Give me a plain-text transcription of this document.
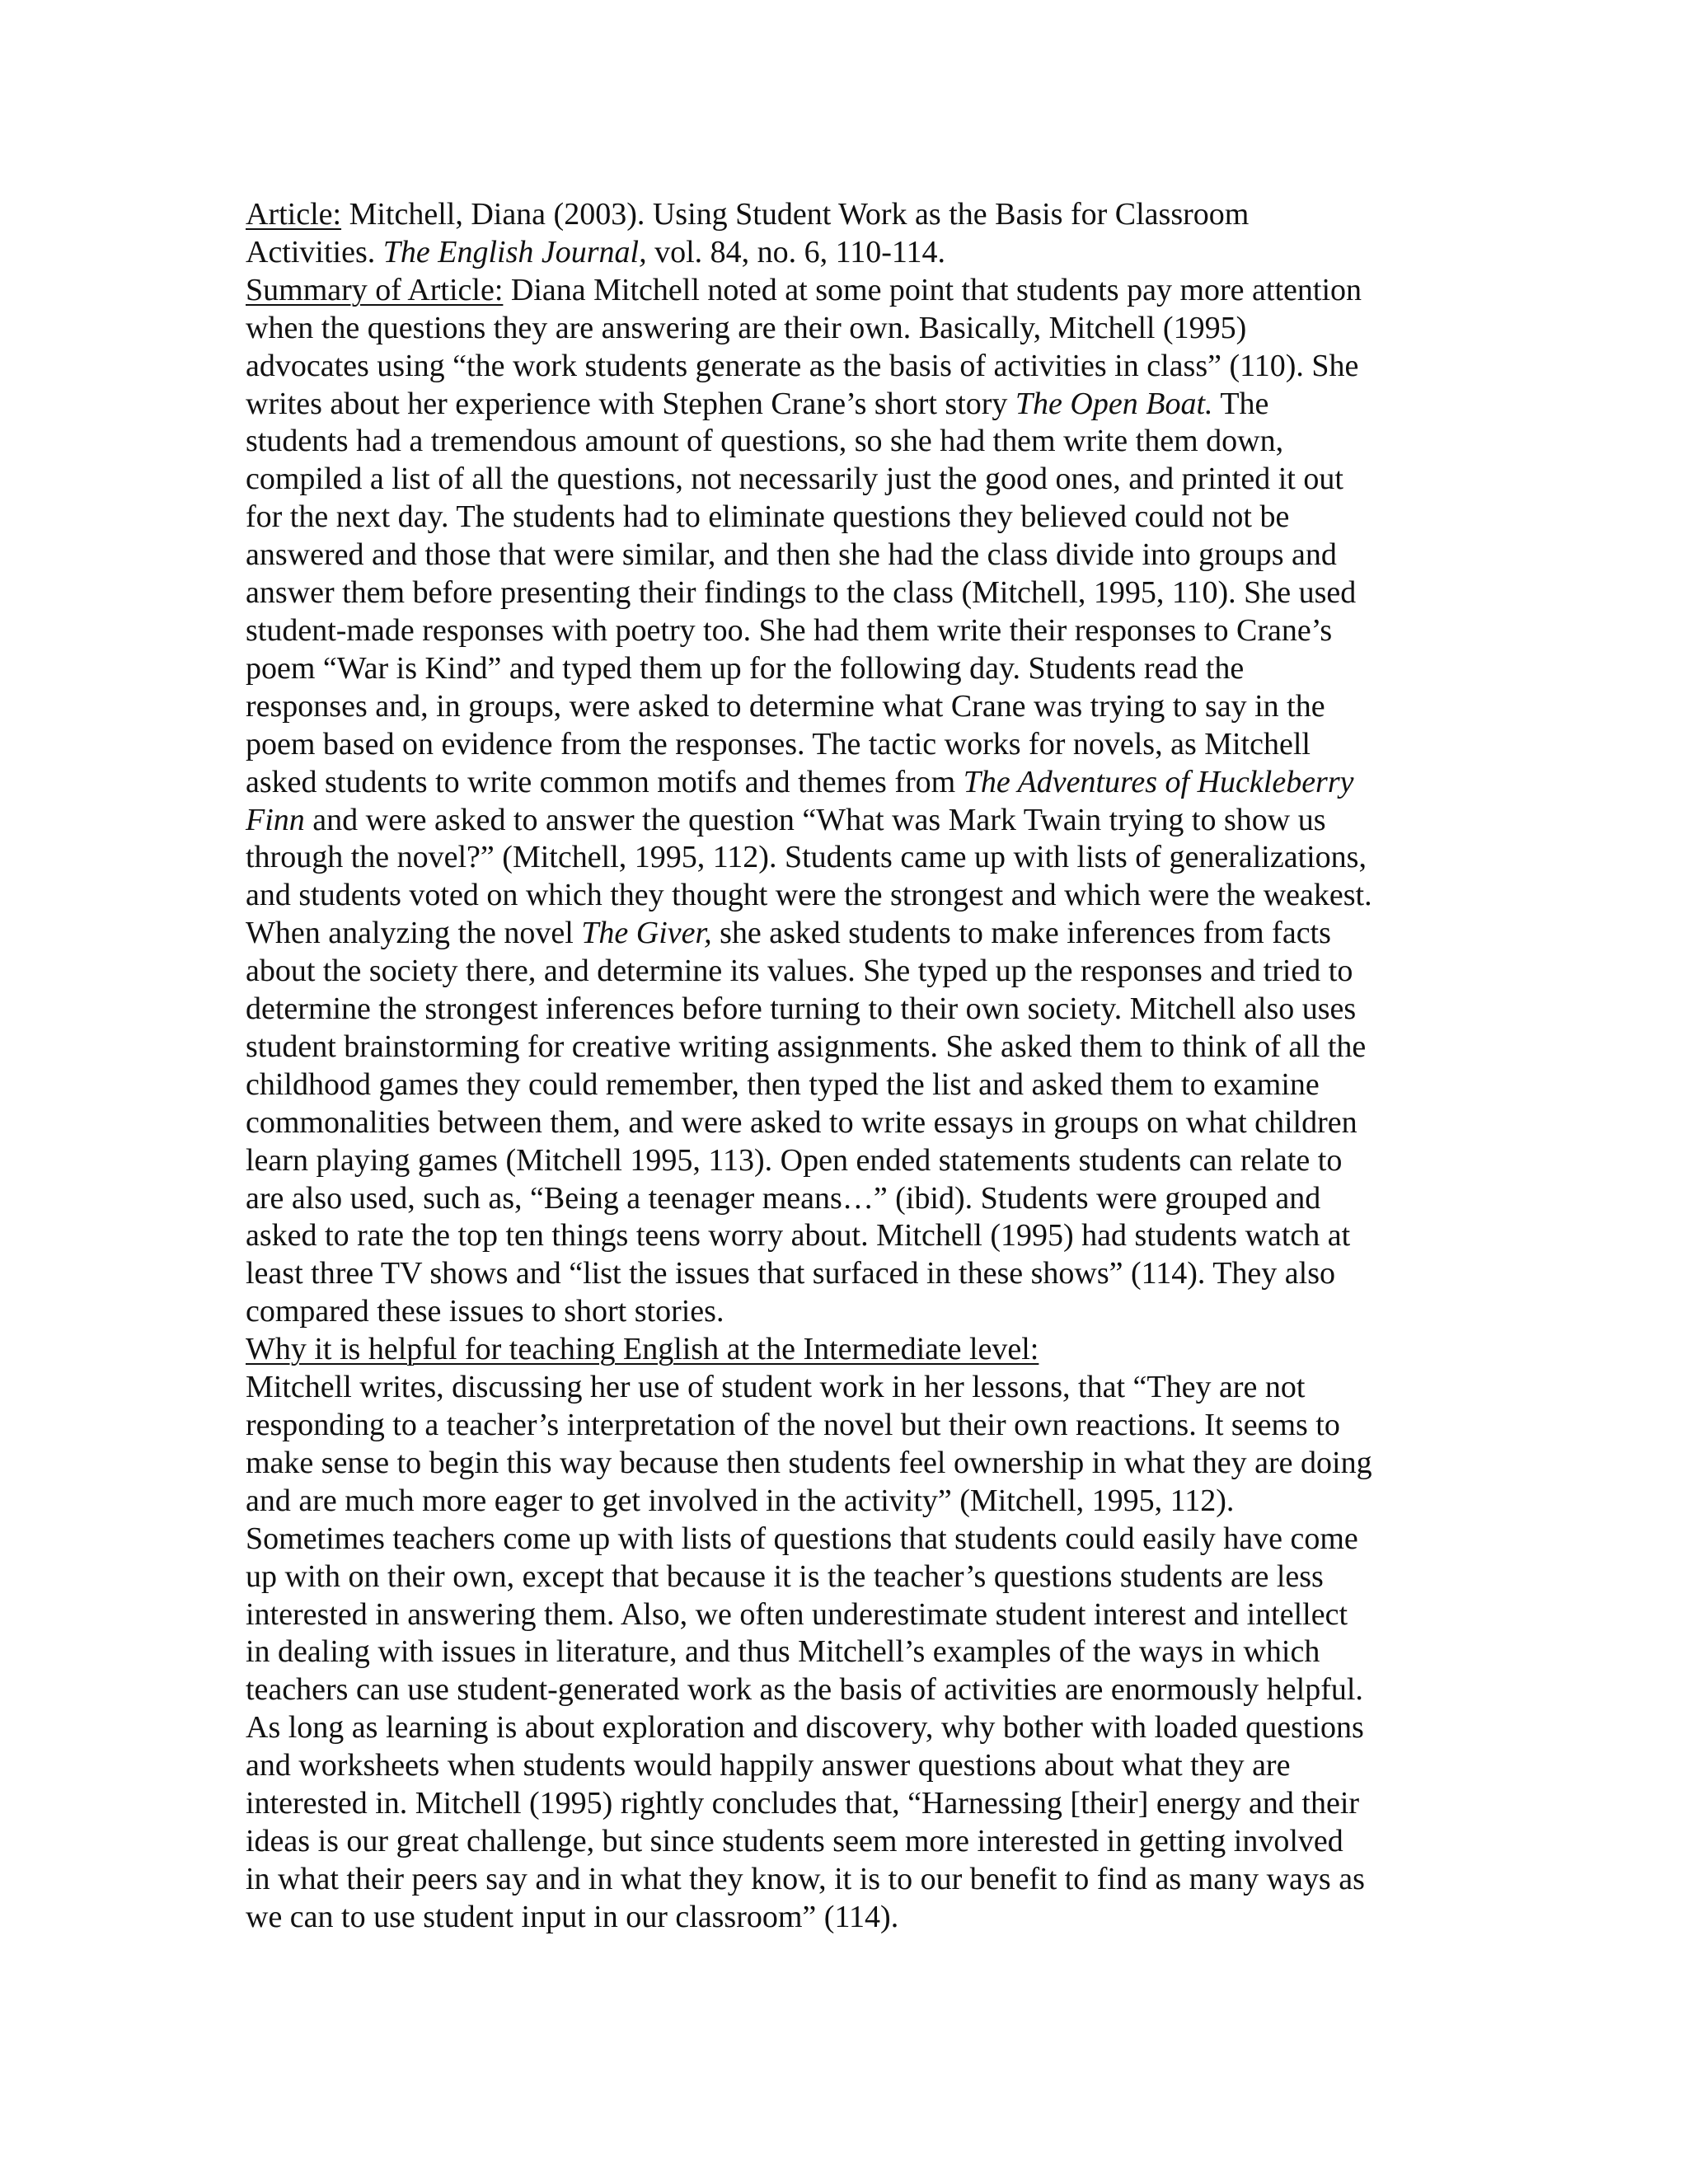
Article: Mitchell, Diana (2003). Using Student Work as the Basis for Classroom
Activities. The English Journal, vol. 84, no. 6, 110-114.
Summary of Article: Diana Mitchell noted at some point that students pay more attention
when the questions they are answering are their own. Basically, Mitchell (1995)
advocates using “the work students generate as the basis of activities in class” (110). She
writes about her experience with Stephen Crane’s short story The Open Boat. The
students had a tremendous amount of questions, so she had them write them down,
compiled a list of all the questions, not necessarily just the good ones, and printed it out
for the next day. The students had to eliminate questions they believed could not be
answered and those that were similar, and then she had the class divide into groups and
answer them before presenting their findings to the class (Mitchell, 1995, 110). She used
student-made responses with poetry too. She had them write their responses to Crane’s
poem “War is Kind” and typed them up for the following day. Students read the
responses and, in groups, were asked to determine what Crane was trying to say in the
poem based on evidence from the responses. The tactic works for novels, as Mitchell
asked students to write common motifs and themes from The Adventures of Huckleberry
Finn and were asked to answer the question “What was Mark Twain trying to show us
through the novel?” (Mitchell, 1995, 112). Students came up with lists of generalizations,
and students voted on which they thought were the strongest and which were the weakest.
When analyzing the novel The Giver, she asked students to make inferences from facts
about the society there, and determine its values. She typed up the responses and tried to
determine the strongest inferences before turning to their own society. Mitchell also uses
student brainstorming for creative writing assignments. She asked them to think of all the
childhood games they could remember, then typed the list and asked them to examine
commonalities between them, and were asked to write essays in groups on what children
learn playing games (Mitchell 1995, 113). Open ended statements students can relate to
are also used, such as, “Being a teenager means…” (ibid). Students were grouped and
asked to rate the top ten things teens worry about. Mitchell (1995) had students watch at
least three TV shows and “list the issues that surfaced in these shows” (114). They also
compared these issues to short stories.
Why it is helpful for teaching English at the Intermediate level:
Mitchell writes, discussing her use of student work in her lessons, that “They are not
responding to a teacher’s interpretation of the novel but their own reactions. It seems to
make sense to begin this way because then students feel ownership in what they are doing
and are much more eager to get involved in the activity” (Mitchell, 1995, 112).
Sometimes teachers come up with lists of questions that students could easily have come
up with on their own, except that because it is the teacher’s questions students are less
interested in answering them. Also, we often underestimate student interest and intellect
in dealing with issues in literature, and thus Mitchell’s examples of the ways in which
teachers can use student-generated work as the basis of activities are enormously helpful.
As long as learning is about exploration and discovery, why bother with loaded questions
and worksheets when students would happily answer questions about what they are
interested in. Mitchell (1995) rightly concludes that, “Harnessing [their] energy and their
ideas is our great challenge, but since students seem more interested in getting involved
in what their peers say and in what they know, it is to our benefit to find as many ways as
we can to use student input in our classroom” (114).
